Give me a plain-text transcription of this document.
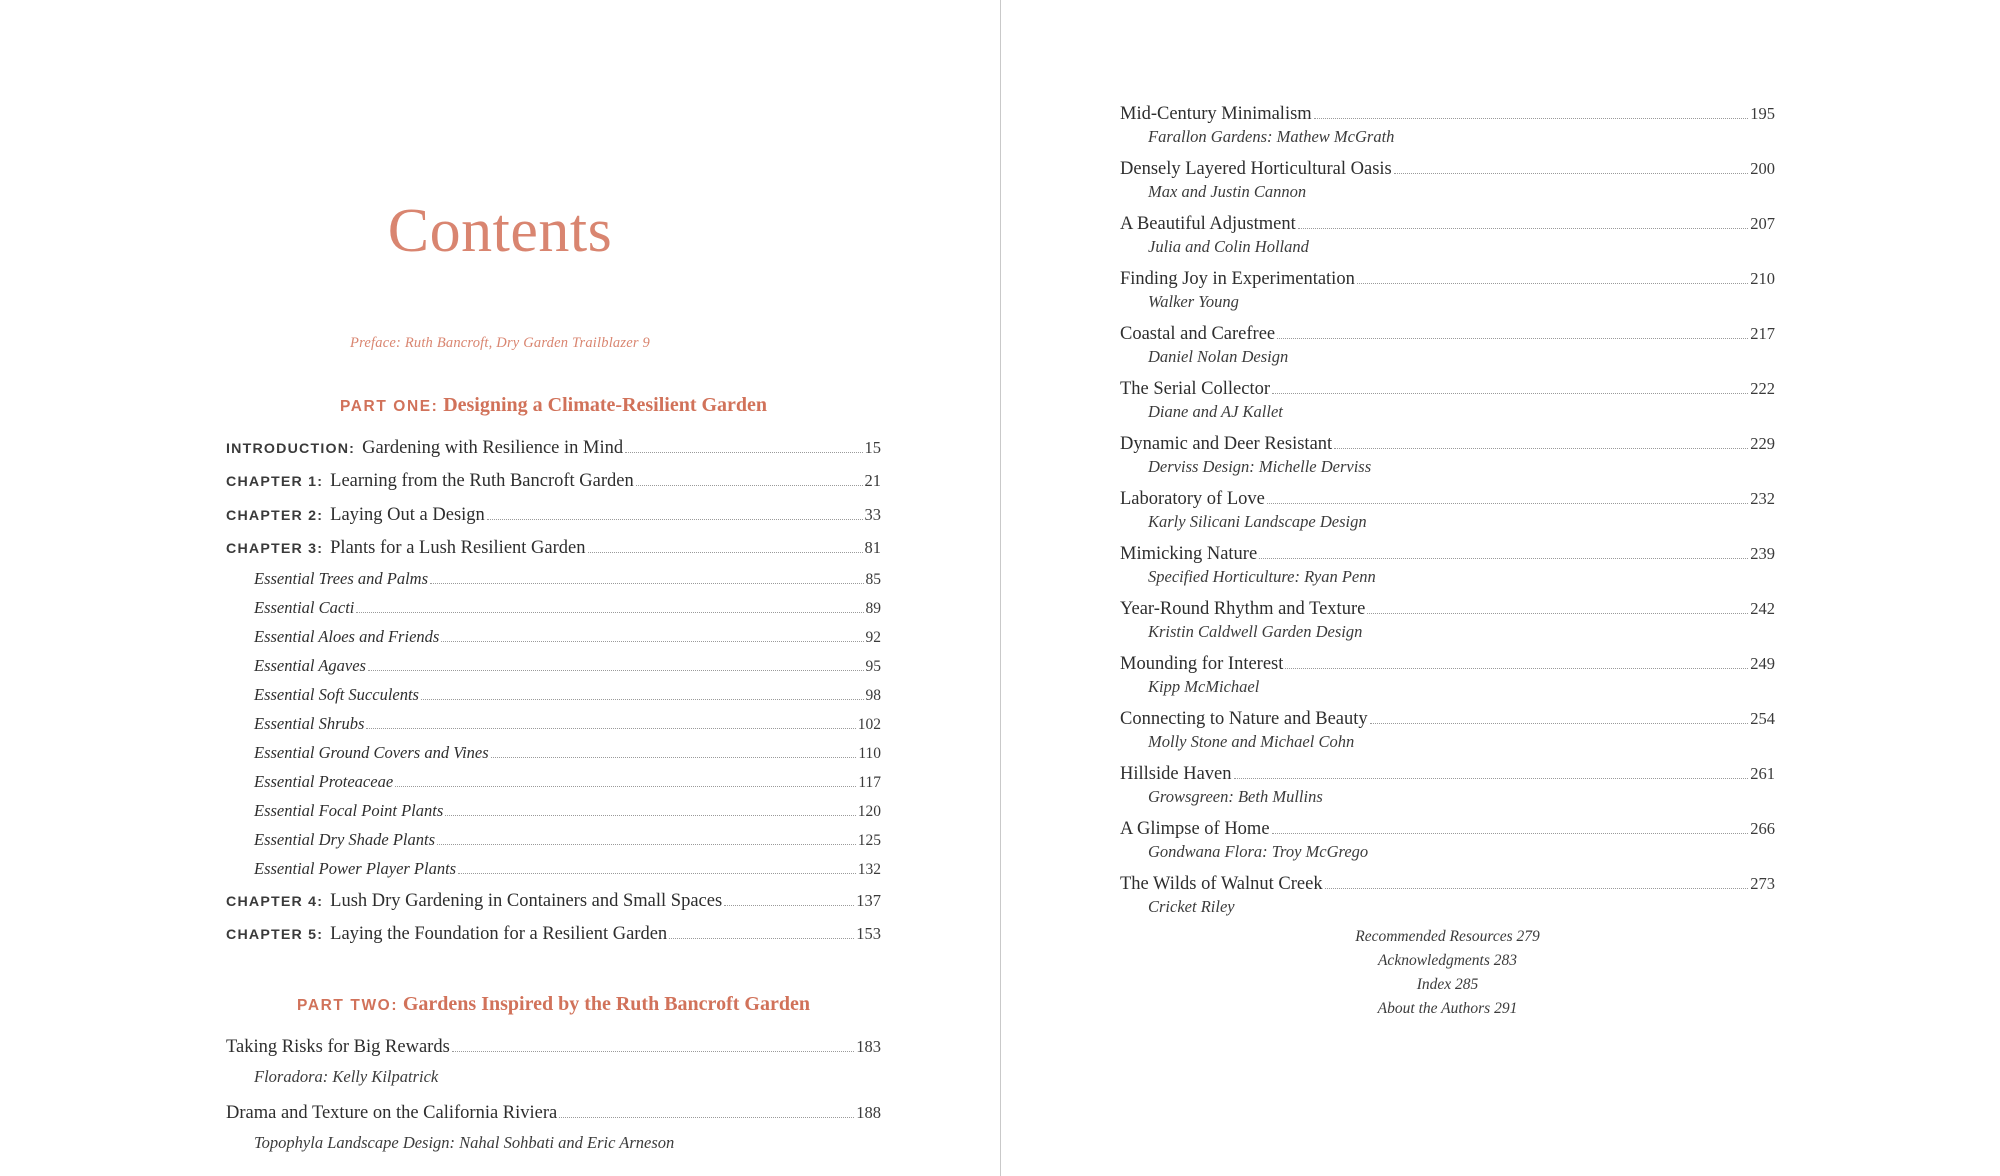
Contents
Preface: Ruth Bancroft, Dry Garden Trailblazer 9
PART ONE: Designing a Climate-Resilient Garden
INTRODUCTION: Gardening with Resilience in Mind	15
CHAPTER 1: Learning from the Ruth Bancroft Garden	21
CHAPTER 2: Laying Out a Design	33
CHAPTER 3: Plants for a Lush Resilient Garden	81
Essential Trees and Palms	85
Essential Cacti	89
Essential Aloes and Friends	92
Essential Agaves	95
Essential Soft Succulents	98
Essential Shrubs	102
Essential Ground Covers and Vines	110
Essential Proteaceae	117
Essential Focal Point Plants	120
Essential Dry Shade Plants	125
Essential Power Player Plants	132
CHAPTER 4: Lush Dry Gardening in Containers and Small Spaces	137
CHAPTER 5: Laying the Foundation for a Resilient Garden	153
PART TWO: Gardens Inspired by the Ruth Bancroft Garden
Taking Risks for Big Rewards	183
Floradora: Kelly Kilpatrick
Drama and Texture on the California Riviera	188
Topophyla Landscape Design: Nahal Sohbati and Eric Arneson
Mid-Century Minimalism	195
Farallon Gardens: Mathew McGrath
Densely Layered Horticultural Oasis	200
Max and Justin Cannon
A Beautiful Adjustment	207
Julia and Colin Holland
Finding Joy in Experimentation	210
Walker Young
Coastal and Carefree	217
Daniel Nolan Design
The Serial Collector	222
Diane and AJ Kallet
Dynamic and Deer Resistant	229
Derviss Design: Michelle Derviss
Laboratory of Love	232
Karly Silicani Landscape Design
Mimicking Nature	239
Specified Horticulture: Ryan Penn
Year-Round Rhythm and Texture	242
Kristin Caldwell Garden Design
Mounding for Interest	249
Kipp McMichael
Connecting to Nature and Beauty	254
Molly Stone and Michael Cohn
Hillside Haven	261
Growsgreen: Beth Mullins
A Glimpse of Home	266
Gondwana Flora: Troy McGrego
The Wilds of Walnut Creek	273
Cricket Riley
Recommended Resources 279
Acknowledgments 283
Index 285
About the Authors 291
